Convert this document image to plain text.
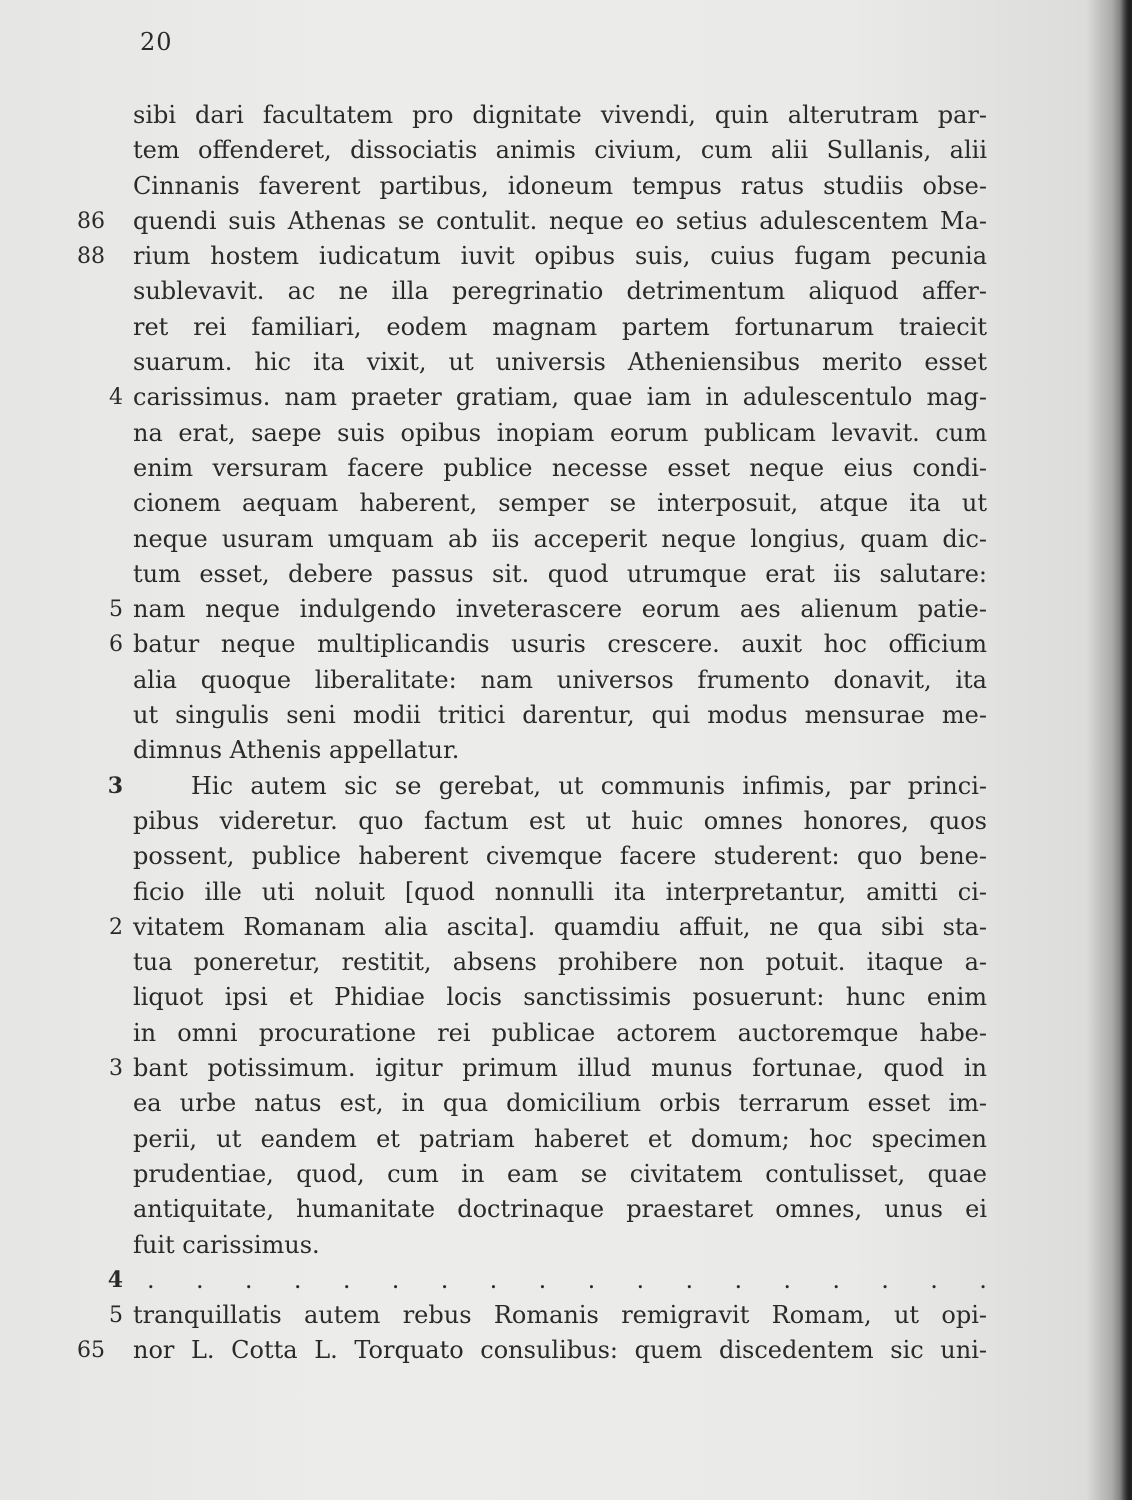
20
sibi dari facultatem pro dignitate vivendi, quin alterutram par-
tem offenderet, dissociatis animis civium, cum alii Sullanis, alii
Cinnanis faverent partibus, idoneum tempus ratus studiis obse-
86 quendi suis Athenas se contulit. neque eo setius adulescentem Ma-
88 rium hostem iudicatum iuvit opibus suis, cuius fugam pecunia
sublevavit. ac ne illa peregrinatio detrimentum aliquod affer-
ret rei familiari, eodem magnam partem fortunarum traiecit
suarum. hic ita vixit, ut universis Atheniensibus merito esset
4 carissimus. nam praeter gratiam, quae iam in adulescentulo mag-
na erat, saepe suis opibus inopiam eorum publicam levavit. cum
enim versuram facere publice necesse esset neque eius condi-
cionem aequam haberent, semper se interposuit, atque ita ut
neque usuram umquam ab iis acceperit neque longius, quam dic-
tum esset, debere passus sit. quod utrumque erat iis salutare:
5 nam neque indulgendo inveterascere eorum aes alienum patie-
6 batur neque multiplicandis usuris crescere. auxit hoc officium
alia quoque liberalitate: nam universos frumento donavit, ita
ut singulis seni modii tritici darentur, qui modus mensurae me-
dimnus Athenis appellatur.
3	Hic autem sic se gerebat, ut communis infimis, par princi-
pibus videretur. quo factum est ut huic omnes honores, quos
possent, publice haberent civemque facere studerent: quo bene-
ficio ille uti noluit [quod nonnulli ita interpretantur, amitti ci-
2 vitatem Romanam alia ascita]. quamdiu affuit, ne qua sibi sta-
tua poneretur, restitit, absens prohibere non potuit. itaque a-
liquot ipsi et Phidiae locis sanctissimis posuerunt: hunc enim
in omni procuratione rei publicae actorem auctoremque habe-
3 bant potissimum. igitur primum illud munus fortunae, quod in
ea urbe natus est, in qua domicilium orbis terrarum esset im-
perii, ut eandem et patriam haberet et domum; hoc specimen
prudentiae, quod, cum in eam se civitatem contulisset, quae
antiquitate, humanitate doctrinaque praestaret omnes, unus ei
fuit carissimus.
4 . . . . . . . . . . . . . . . . . .
5 tranquillatis autem rebus Romanis remigravit Romam, ut opi-
65 nor L. Cotta L. Torquato consulibus: quem discedentem sic uni-
